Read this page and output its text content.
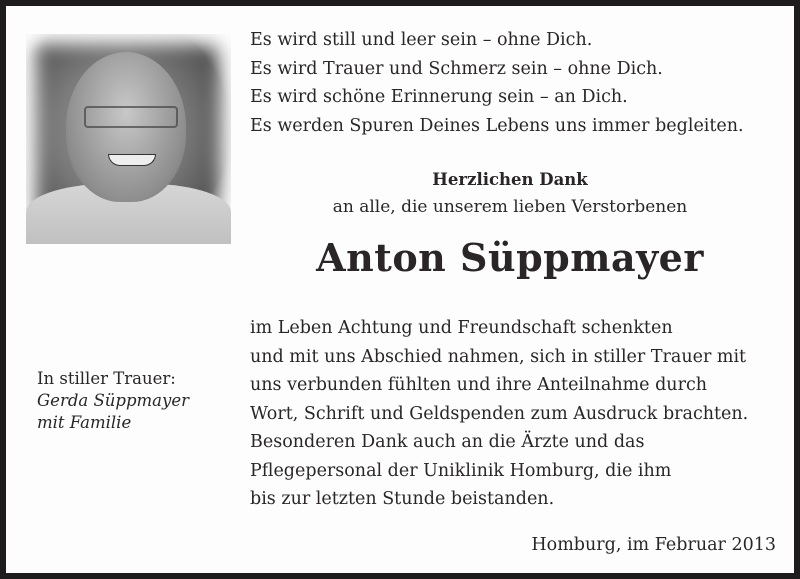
Es wird still und leer sein – ohne Dich.
Es wird Trauer und Schmerz sein – ohne Dich.
Es wird schöne Erinnerung sein – an Dich.
Es werden Spuren Deines Lebens uns immer begleiten.
Herzlichen Dank
an alle, die unserem lieben Verstorbenen
Anton Süppmayer
im Leben Achtung und Freundschaft schenkten
und mit uns Abschied nahmen, sich in stiller Trauer mit
uns verbunden fühlten und ihre Anteilnahme durch
Wort, Schrift und Geldspenden zum Ausdruck brachten.
Besonderen Dank auch an die Ärzte und das
Pflegepersonal der Uniklinik Homburg, die ihm
bis zur letzten Stunde beistanden.
In stiller Trauer:
Gerda Süppmayer
mit Familie
Homburg, im Februar 2013
